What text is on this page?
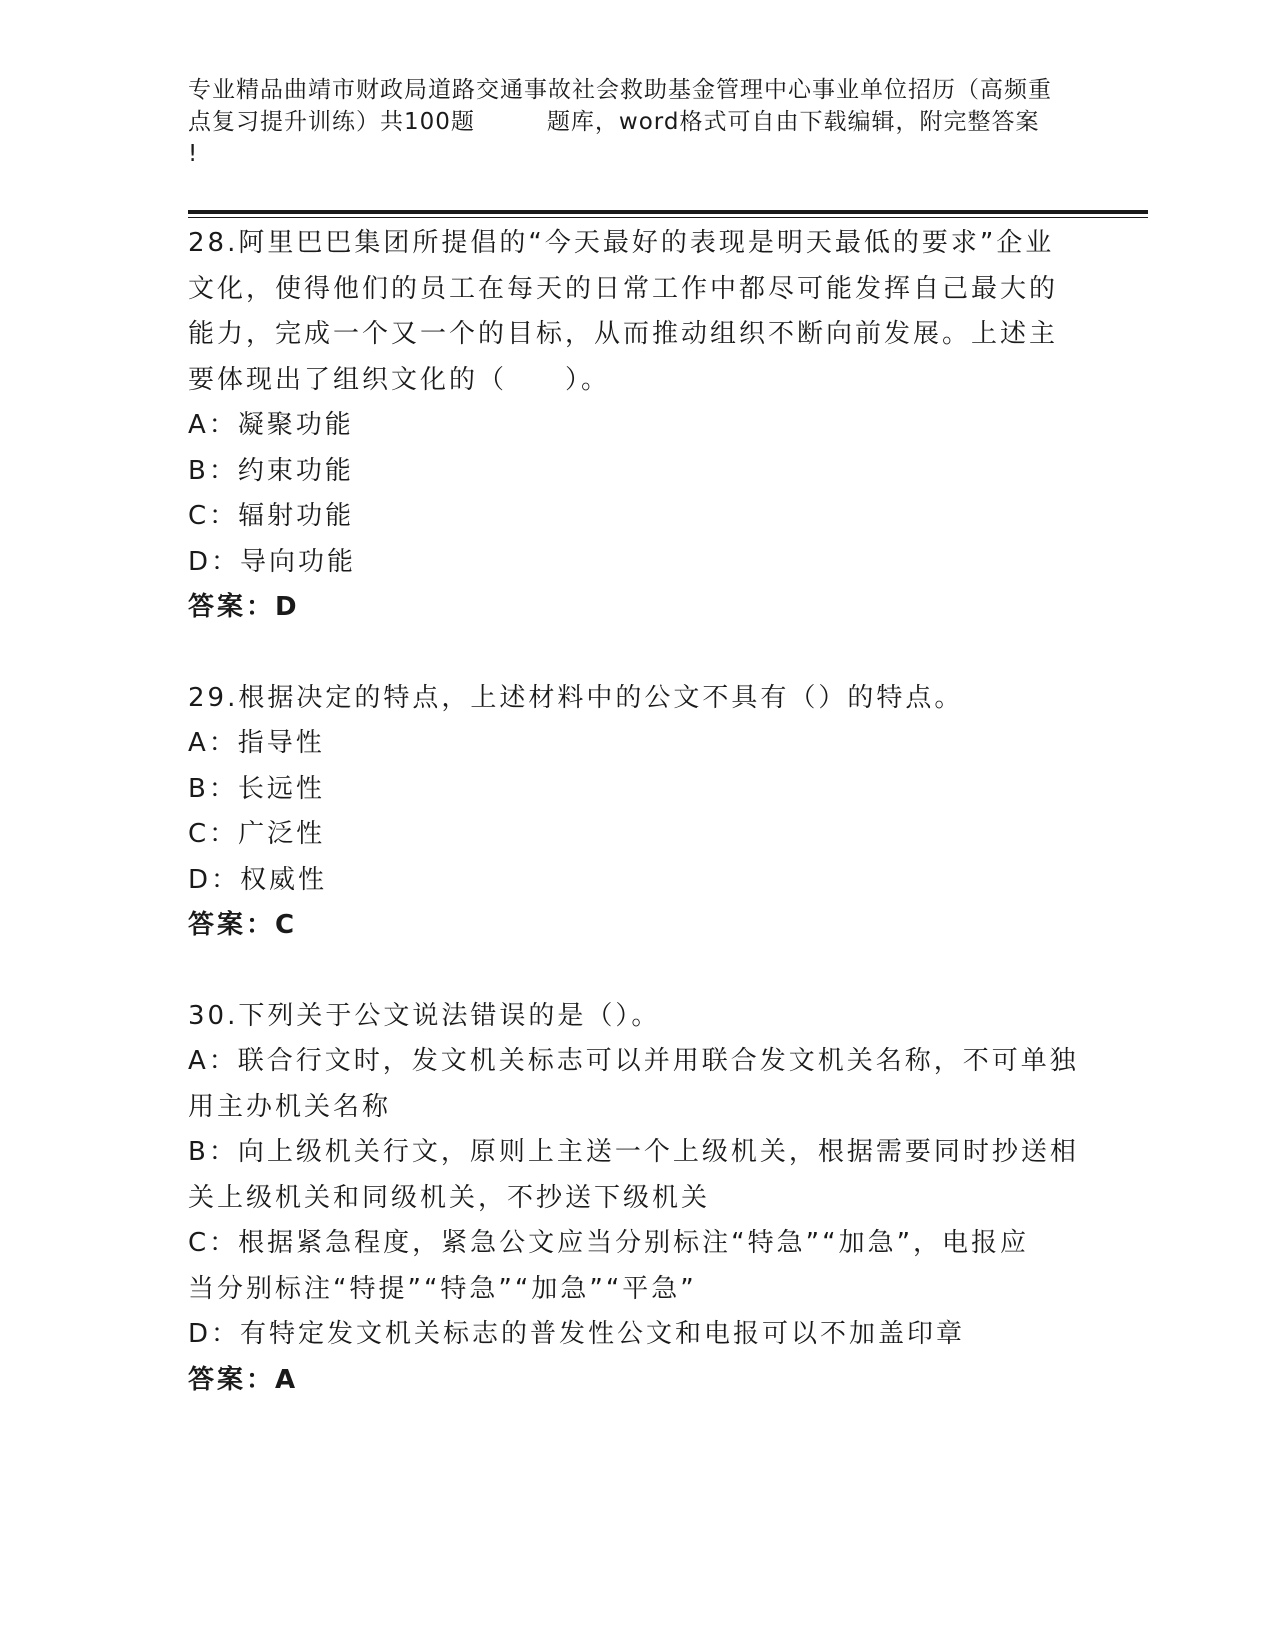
专业精品曲靖市财政局道路交通事故社会救助基金管理中心事业单位招历（高频重
点复习提升训练）共100题	题库，word格式可自由下载编辑，附完整答案
!
28.阿里巴巴集团所提倡的“今天最好的表现是明天最低的要求”企业
文化，使得他们的员工在每天的日常工作中都尽可能发挥自己最大的
能力，完成一个又一个的目标，从而推动组织不断向前发展。上述主
要体现出了组织文化的（　　）。
A：凝聚功能
B：约束功能
C：辐射功能
D：导向功能
答案：D
29.根据决定的特点，上述材料中的公文不具有（）的特点。
A：指导性
B：长远性
C：广泛性
D：权威性
答案：C
30.下列关于公文说法错误的是（）。
A：联合行文时，发文机关标志可以并用联合发文机关名称，不可单独
用主办机关名称
B：向上级机关行文，原则上主送一个上级机关，根据需要同时抄送相
关上级机关和同级机关，不抄送下级机关
C：根据紧急程度，紧急公文应当分别标注“特急”“加急”，电报应
当分别标注“特提”“特急”“加急”“平急”
D：有特定发文机关标志的普发性公文和电报可以不加盖印章
答案：A
